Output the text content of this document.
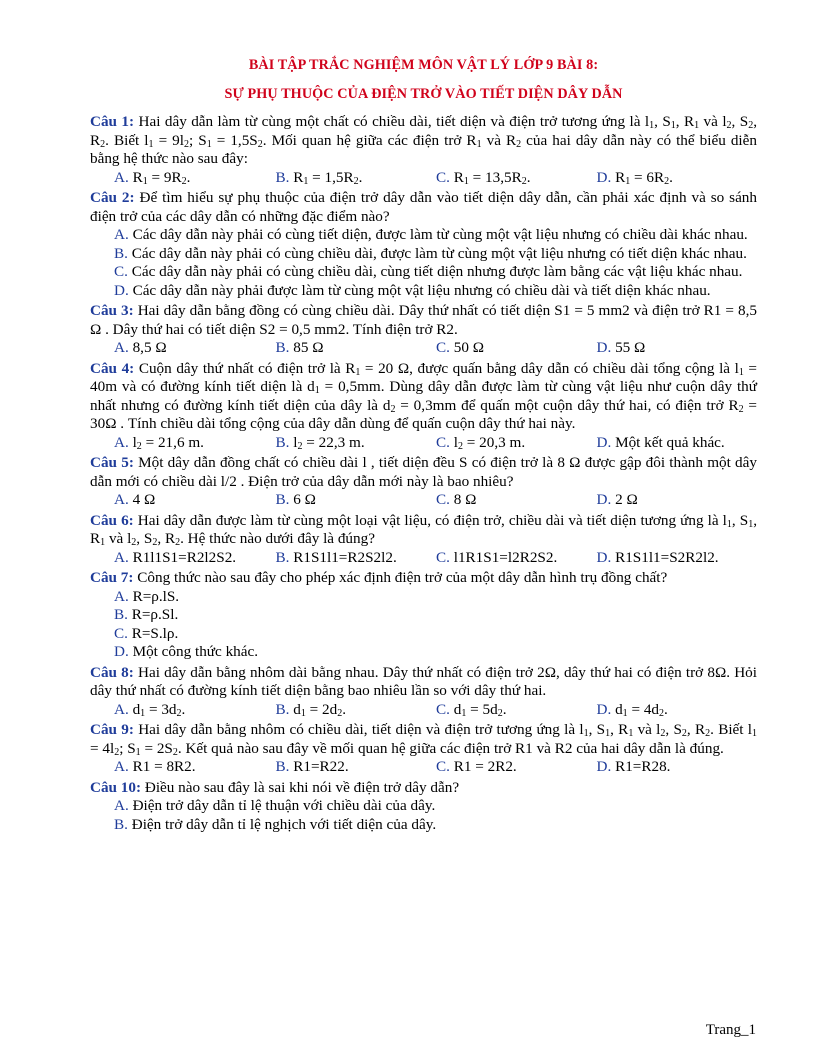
BÀI TẬP TRẮC NGHIỆM MÔN VẬT LÝ LỚP 9 BÀI 8:
SỰ PHỤ THUỘC CỦA ĐIỆN TRỞ VÀO TIẾT DIỆN DÂY DẪN
Câu 1: Hai dây dẫn làm từ cùng một chất có chiều dài, tiết diện và điện trở tương ứng là $l_1$, $S_1$, $R_1$ và $l_2$, $S_2$, $R_2$. Biết $l_1 = 9l_2$; $S_1 = 1,5S_2$. Mối quan hệ giữa các điện trở $R_1$ và $R_2$ của hai dây dẫn này có thể biểu diễn bằng hệ thức nào sau đây:
A. $R_1 = 9R_2$.	B. $R_1 = 1,5R_2$.	C. $R_1 = 13,5R_2$.	D. $R_1 = 6R_2$.
Câu 2: Để tìm hiểu sự phụ thuộc của điện trở dây dẫn vào tiết diện dây dẫn, cần phải xác định và so sánh điện trở của các dây dẫn có những đặc điểm nào?
A. Các dây dẫn này phải có cùng tiết diện, được làm từ cùng một vật liệu nhưng có chiều dài khác nhau.
B. Các dây dẫn này phải có cùng chiều dài, được làm từ cùng một vật liệu nhưng có tiết diện khác nhau.
C. Các dây dẫn này phải có cùng chiều dài, cùng tiết diện nhưng được làm bằng các vật liệu khác nhau.
D. Các dây dẫn này phải được làm từ cùng một vật liệu nhưng có chiều dài và tiết diện khác nhau.
Câu 3: Hai dây dẫn bằng đồng có cùng chiều dài. Dây thứ nhất có tiết diện S1 = 5 mm2 và điện trở R1 = 8,5 Ω . Dây thứ hai có tiết diện S2 = 0,5 mm2. Tính điện trở R2.
A. 8,5 Ω	B. 85 Ω	C. 50 Ω	D. 55 Ω
Câu 4: Cuộn dây thứ nhất có điện trở là $R_1 = 20$ Ω, được quấn bằng dây dẫn có chiều dài tổng cộng là $l_1 = 40m$ và có đường kính tiết diện là $d_1 = 0,5mm$. Dùng dây dẫn được làm từ cùng vật liệu như cuộn dây thứ nhất nhưng có đường kính tiết diện của dây là $d_2 = 0,3mm$ để quấn một cuộn dây thứ hai, có điện trở $R_2 = 30\Omega$ . Tính chiều dài tổng cộng của dây dẫn dùng để quấn cuộn dây thứ hai này.
A. $l_2 = 21,6$ m.	B. $l_2 = 22,3$ m.	C. $l_2 = 20,3$ m.	D. Một kết quả khác.
Câu 5: Một dây dẫn đồng chất có chiều dài l , tiết diện đều S có điện trở là 8 Ω được gập đôi thành một dây dẫn mới có chiều dài l/2 . Điện trở của dây dẫn mới này là bao nhiêu?
A. 4 Ω	B. 6 Ω	C. 8 Ω	D. 2 Ω
Câu 6: Hai dây dẫn được làm từ cùng một loại vật liệu, có điện trở, chiều dài và tiết diện tương ứng là $l_1$, $S_1$, $R_1$ và $l_2$, $S_2$, $R_2$. Hệ thức nào dưới đây là đúng?
A. R1l1S1=R2l2S2.	B. R1S1l1=R2S2l2.	C. l1R1S1=l2R2S2.	D. R1S1l1=S2R2l2.
Câu 7: Công thức nào sau đây cho phép xác định điện trở của một dây dẫn hình trụ đồng chất?
A. R=ρ.lS.
B. R=ρ.Sl.
C. R=S.lρ.
D. Một công thức khác.
Câu 8: Hai dây dẫn bằng nhôm dài bằng nhau. Dây thứ nhất có điện trở 2Ω, dây thứ hai có điện trở 8Ω. Hỏi dây thứ nhất có đường kính tiết diện bằng bao nhiêu lần so với dây thứ hai.
A. $d_1 = 3d_2$.	B. $d_1 = 2d_2$.	C. $d_1 = 5d_2$.	D. $d_1 = 4d_2$.
Câu 9: Hai dây dẫn bằng nhôm có chiều dài, tiết diện và điện trở tương ứng là $l_1$, $S_1$, $R_1$ và $l_2$, $S_2$, $R_2$. Biết $l_1 = 4l_2$; $S_1 = 2S_2$. Kết quả nào sau đây về mối quan hệ giữa các điện trở R1 và R2 của hai dây dẫn là đúng.
A. R1 = 8R2.	B. R1=R22.	C. R1 = 2R2.	D. R1=R28.
Câu 10: Điều nào sau đây là sai khi nói về điện trở dây dẫn?
A. Điện trở dây dẫn tỉ lệ thuận với chiều dài của dây.
B. Điện trở dây dẫn tỉ lệ nghịch với tiết diện của dây.
Trang_1
